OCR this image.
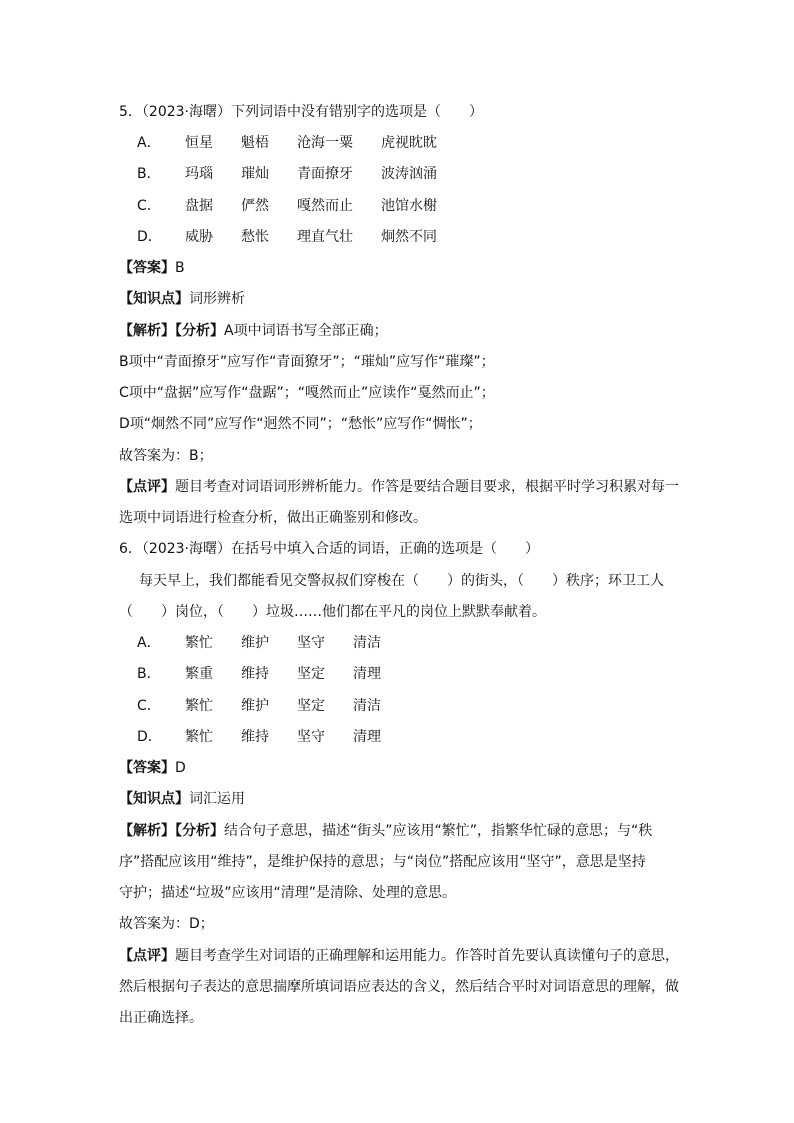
5．（2023·海曙）下列词语中没有错别字的选项是（　　）
A． 恒星 魁梧 沧海一粟 虎视眈眈
B． 玛瑙 璀灿 青面撩牙 波涛汹涌
C． 盘据 俨然 嘎然而止 池馆水榭
D． 威胁 愁怅 理直气壮 炯然不同
【答案】B
【知识点】词形辨析
【解析】【分析】A项中词语书写全部正确；
B项中“青面撩牙”应写作“青面獠牙”；“璀灿”应写作“璀璨”；
C项中“盘据”应写作“盘踞”；“嘎然而止”应读作“戛然而止”；
D项“炯然不同”应写作“迥然不同”；“愁怅”应写作“惆怅”；
故答案为：B；
【点评】题目考查对词语词形辨析能力。作答是要结合题目要求，根据平时学习积累对每一
选项中词语进行检查分析，做出正确鉴别和修改。
6．（2023·海曙）在括号中填入合适的词语，正确的选项是（　　）
每天早上，我们都能看见交警叔叔们穿梭在（　　）的街头，（　　）秩序；环卫工人
（　　）岗位，（　　）垃圾……他们都在平凡的岗位上默默奉献着。
A． 繁忙 维护 坚守 清洁
B． 繁重 维持 坚定 清理
C． 繁忙 维护 坚定 清洁
D． 繁忙 维持 坚守 清理
【答案】D
【知识点】词汇运用
【解析】【分析】结合句子意思，描述“街头”应该用“繁忙”，指繁华忙碌的意思；与“秩
序”搭配应该用“维持”，是维护保持的意思；与“岗位”搭配应该用“坚守”，意思是坚持
守护；描述“垃圾”应该用“清理”是清除、处理的意思。
故答案为：D；
【点评】题目考查学生对词语的正确理解和运用能力。作答时首先要认真读懂句子的意思，
然后根据句子表达的意思揣摩所填词语应表达的含义，然后结合平时对词语意思的理解，做
出正确选择。
